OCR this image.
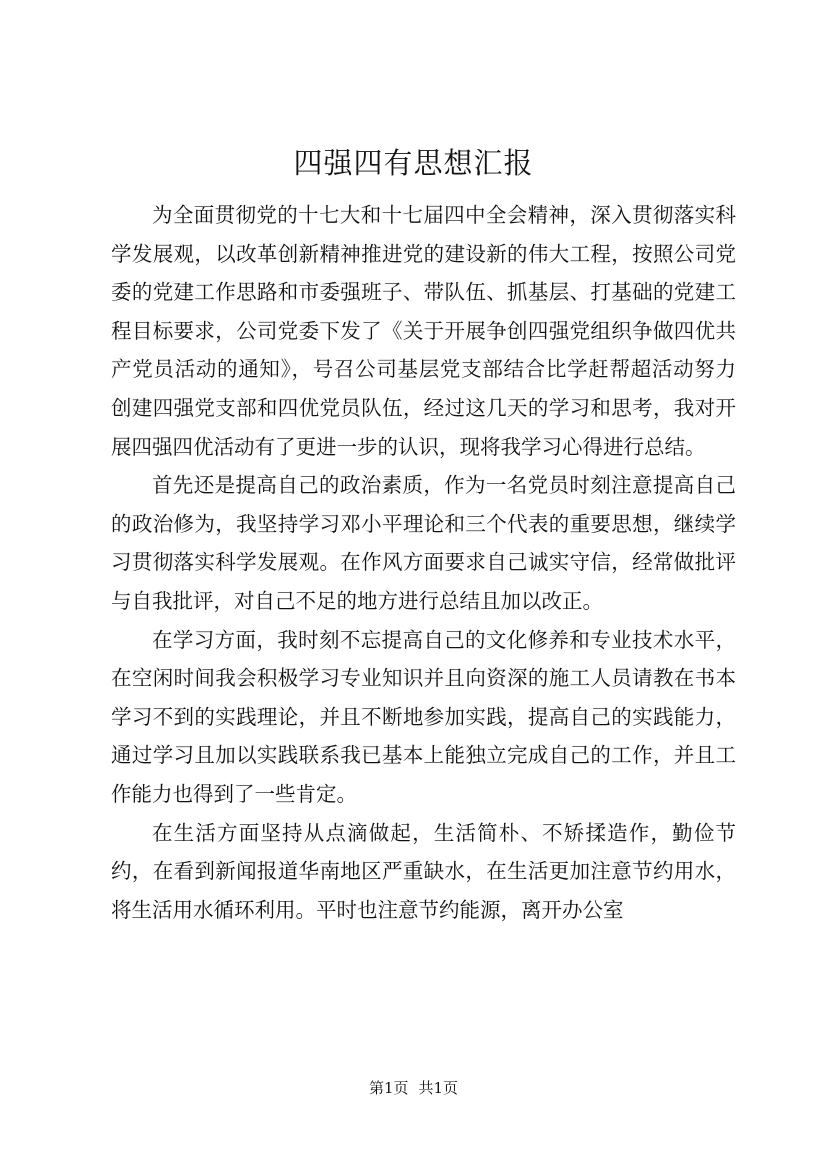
四强四有思想汇报

为全面贯彻党的十七大和十七届四中全会精神，深入贯彻落实科学发展观，以改革创新精神推进党的建设新的伟大工程，按照公司党委的党建工作思路和市委强班子、带队伍、抓基层、打基础的党建工程目标要求，公司党委下发了《关于开展争创四强党组织争做四优共产党员活动的通知》，号召公司基层党支部结合比学赶帮超活动努力创建四强党支部和四优党员队伍，经过这几天的学习和思考，我对开展四强四优活动有了更进一步的认识，现将我学习心得进行总结。

首先还是提高自己的政治素质，作为一名党员时刻注意提高自己的政治修为，我坚持学习邓小平理论和三个代表的重要思想，继续学习贯彻落实科学发展观。在作风方面要求自己诚实守信，经常做批评与自我批评，对自己不足的地方进行总结且加以改正。

在学习方面，我时刻不忘提高自己的文化修养和专业技术水平，在空闲时间我会积极学习专业知识并且向资深的施工人员请教在书本学习不到的实践理论，并且不断地参加实践，提高自己的实践能力，通过学习且加以实践联系我已基本上能独立完成自己的工作，并且工作能力也得到了一些肯定。

在生活方面坚持从点滴做起，生活简朴、不矫揉造作，勤俭节约，在看到新闻报道华南地区严重缺水，在生活更加注意节约用水，将生活用水循环利用。平时也注意节约能源，离开办公室

第1页 共1页
